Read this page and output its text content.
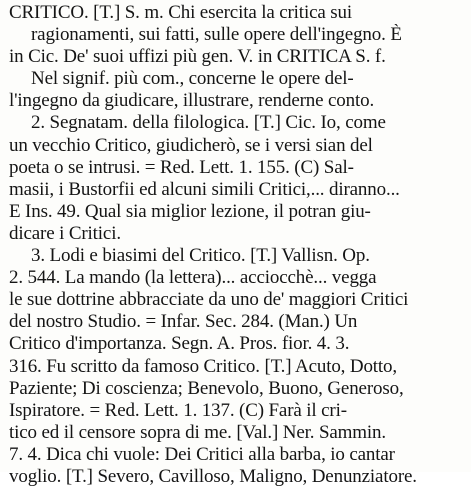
CRITICO. [T.] S. m. Chi esercita la critica sui
ragionamenti, sui fatti, sulle opere dell'ingegno. È
in Cic. De' suoi uffizi più gen. V. in CRITICA S. f.
Nel signif. più com., concerne le opere del-
l'ingegno da giudicare, illustrare, renderne conto.
2. Segnatam. della filologica. [T.] Cic. Io, come
un vecchio Critico, giudicherò, se i versi sian del
poeta o se intrusi. = Red. Lett. 1. 155. (C) Sal-
masii, i Bustorfii ed alcuni simili Critici,... diranno...
E Ins. 49. Qual sia miglior lezione, il potran giu-
dicare i Critici.
3. Lodi e biasimi del Critico. [T.] Vallisn. Op.
2. 544. La mando (la lettera)... acciocchè... vegga
le sue dottrine abbracciate da uno de' maggiori Critici
del nostro Studio. = Infar. Sec. 284. (Man.) Un
Critico d'importanza. Segn. A. Pros. fior. 4. 3.
316. Fu scritto da famoso Critico. [T.] Acuto, Dotto,
Paziente; Di coscienza; Benevolo, Buono, Generoso,
Ispiratore. = Red. Lett. 1. 137. (C) Farà il cri-
tico ed il censore sopra di me. [Val.] Ner. Sammin.
7. 4. Dica chi vuole: Dei Critici alla barba, io cantar
voglio. [T.] Severo, Cavilloso, Maligno, Denunziatore.
